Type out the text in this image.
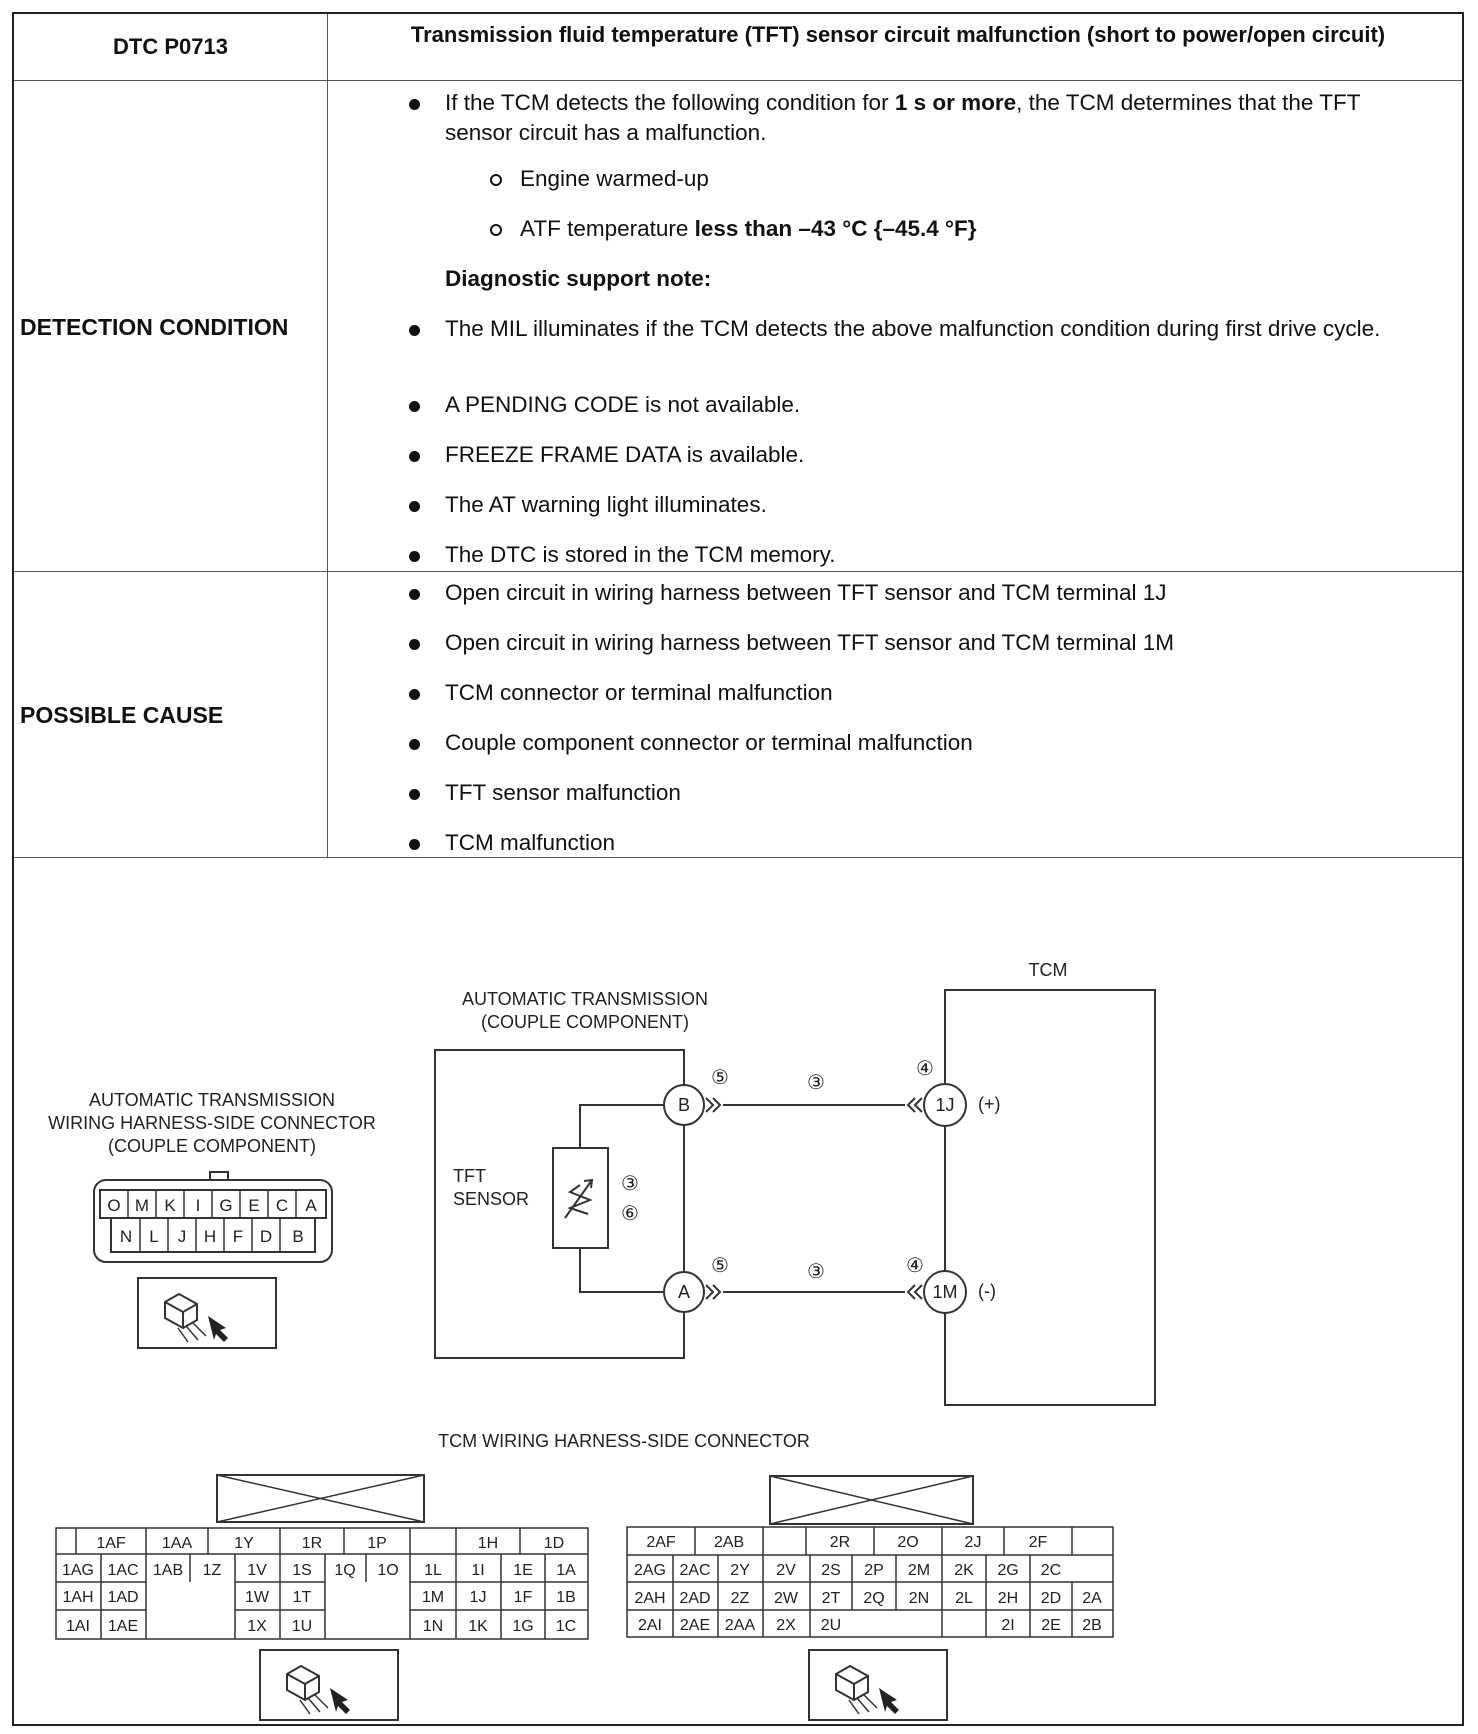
DTC P0713	Transmission fluid temperature (TFT) sensor circuit malfunction (short to power/open circuit)
DETECTION CONDITION
If the TCM detects the following condition for 1 s or more, the TCM determines that the TFT sensor circuit has a malfunction.
Engine warmed-up
ATF temperature less than –43 °C {–45.4 °F}
Diagnostic support note:
The MIL illuminates if the TCM detects the above malfunction condition during first drive cycle.
A PENDING CODE is not available.
FREEZE FRAME DATA is available.
The AT warning light illuminates.
The DTC is stored in the TCM memory.
POSSIBLE CAUSE
Open circuit in wiring harness between TFT sensor and TCM terminal 1J
Open circuit in wiring harness between TFT sensor and TCM terminal 1M
TCM connector or terminal malfunction
Couple component connector or terminal malfunction
TFT sensor malfunction
TCM malfunction
TCM
AUTOMATIC TRANSMISSION
(COUPLE COMPONENT)
AUTOMATIC TRANSMISSION
WIRING HARNESS-SIDE CONNECTOR
(COUPLE COMPONENT)
TFT
SENSOR
B
A
1J
1M
(+)
(-)
TCM WIRING HARNESS-SIDE CONNECTOR
⑤	③
④
③
⑥
⑤	③	④
O M K I G E C A
N L J H F D B
1AF 1AA	1Y	1R	1P	1H	1D
1AG 1AC 1AB 1Z 1V 1S 1Q 1O 1L 1I 1E 1A
1AH 1AD	1W 1T	1M 1J 1F 1B
1AI 1AE	1X 1U	1N 1K 1G 1C
2AF 2AB	2R	2O	2J	2F
2AG 2AC 2Y 2V 2S 2P 2M 2K 2G 2C
2AH 2AD 2Z 2W 2T 2Q 2N 2L 2H 2D 2A
2AI 2AE 2AA 2X 2U	2I 2E 2B
